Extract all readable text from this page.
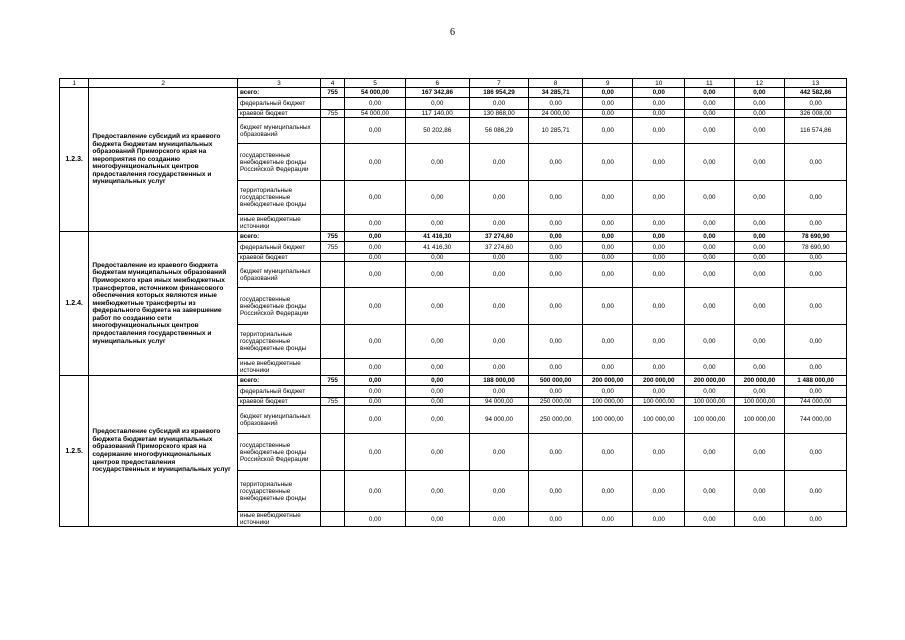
6
1	2	3	4	5	6	7	8	9	10	11	12	13
1.2.3.	Предоставление субсидий из краевого бюджета бюджетам муниципальных образований Приморского края на мероприятия по созданию многофункциональных центров предоставления государственных и муниципальных услуг	всего:	755	54 000,00	167 342,86	186 954,29	34 285,71	0,00	0,00	0,00	0,00	442 582,86
		федеральный бюджет		0,00	0,00	0,00	0,00	0,00	0,00	0,00	0,00	0,00
		краевой бюджет	755	54 000,00	117 140,00	130 868,00	24 000,00	0,00	0,00	0,00	0,00	326 008,00
		бюджет муниципальных образований		0,00	50 202,86	56 086,29	10 285,71	0,00	0,00	0,00	0,00	116 574,86
		государственные внебюджетные фонды Российской Федерации		0,00	0,00	0,00	0,00	0,00	0,00	0,00	0,00	0,00
		территориальные государственные внебюджетные фонды		0,00	0,00	0,00	0,00	0,00	0,00	0,00	0,00	0,00
		иные внебюджетные источники		0,00	0,00	0,00	0,00	0,00	0,00	0,00	0,00	0,00
1.2.4.	Предоставление из краевого бюджета бюджетам муниципальных образований Приморского края иных межбюджетных трансфертов, источником финансового обеспечения которых являются иные межбюджетные трансферты из федерального бюджета на завершение работ по созданию сети многофункциональных центров предоставления государственных и муниципальных услуг	всего:	755	0,00	41 416,30	37 274,60	0,00	0,00	0,00	0,00	0,00	78 690,90
		федеральный бюджет	755	0,00	41 416,30	37 274,60	0,00	0,00	0,00	0,00	0,00	78 690,90
		краевой бюджет		0,00	0,00	0,00	0,00	0,00	0,00	0,00	0,00	0,00
		бюджет муниципальных образований		0,00	0,00	0,00	0,00	0,00	0,00	0,00	0,00	0,00
		государственные внебюджетные фонды Российской Федерации		0,00	0,00	0,00	0,00	0,00	0,00	0,00	0,00	0,00
		территориальные государственные внебюджетные фонды		0,00	0,00	0,00	0,00	0,00	0,00	0,00	0,00	0,00
		иные внебюджетные источники		0,00	0,00	0,00	0,00	0,00	0,00	0,00	0,00	0,00
1.2.5.	Предоставление субсидий из краевого бюджета бюджетам муниципальных образований Приморского края на содержание многофункциональных центров предоставления государственных и муниципальных услуг	всего:	755	0,00	0,00	188 000,00	500 000,00	200 000,00	200 000,00	200 000,00	200 000,00	1 488 000,00
		федеральный бюджет		0,00	0,00	0,00	0,00	0,00	0,00	0,00	0,00	0,00
		краевой бюджет	755	0,00	0,00	94 000,00	250 000,00	100 000,00	100 000,00	100 000,00	100 000,00	744 000,00
		бюджет муниципальных образований		0,00	0,00	94 000,00	250 000,00	100 000,00	100 000,00	100 000,00	100 000,00	744 000,00
		государственные внебюджетные фонды Российской Федерации		0,00	0,00	0,00	0,00	0,00	0,00	0,00	0,00	0,00
		территориальные государственные внебюджетные фонды		0,00	0,00	0,00	0,00	0,00	0,00	0,00	0,00	0,00
		иные внебюджетные источники		0,00	0,00	0,00	0,00	0,00	0,00	0,00	0,00	0,00
